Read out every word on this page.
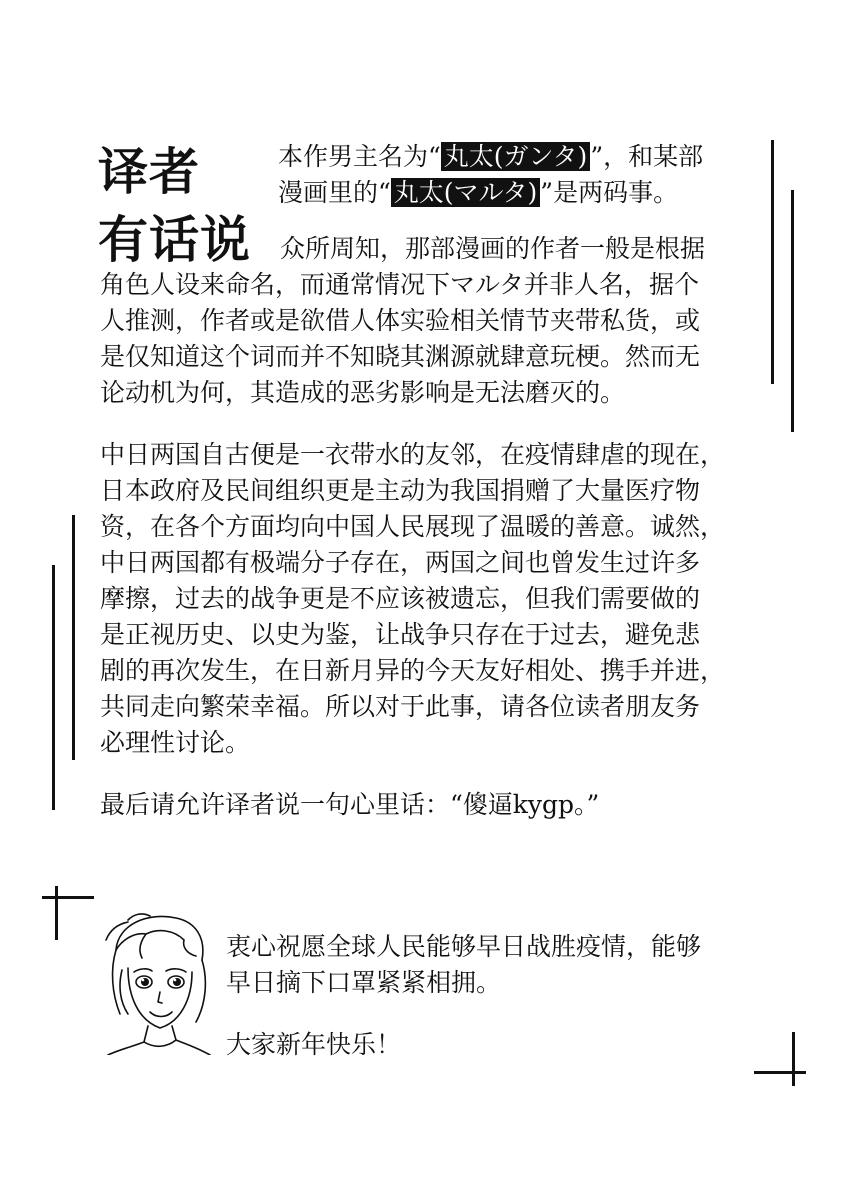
译者
有话说
本作男主名为“ 丸太(ガンタ) ”，和某部
漫画里的“ 丸太(マルタ) ”是两码事。
众所周知，那部漫画的作者一般是根据
角色人设来命名，而通常情况下マルタ并非人名，据个
人推测，作者或是欲借人体实验相关情节夹带私货，或
是仅知道这个词而并不知晓其渊源就肆意玩梗。然而无
论动机为何，其造成的恶劣影响是无法磨灭的。
中日两国自古便是一衣带水的友邻，在疫情肆虐的现在，
日本政府及民间组织更是主动为我国捐赠了大量医疗物
资，在各个方面均向中国人民展现了温暖的善意。诚然，
中日两国都有极端分子存在，两国之间也曾发生过许多
摩擦，过去的战争更是不应该被遗忘，但我们需要做的
是正视历史、以史为鉴，让战争只存在于过去，避免悲
剧的再次发生，在日新月异的今天友好相处、携手并进，
共同走向繁荣幸福。所以对于此事，请各位读者朋友务
必理性讨论。
最后请允许译者说一句心里话：“傻逼kygp。”
衷心祝愿全球人民能够早日战胜疫情，能够
早日摘下口罩紧紧相拥。
大家新年快乐！
